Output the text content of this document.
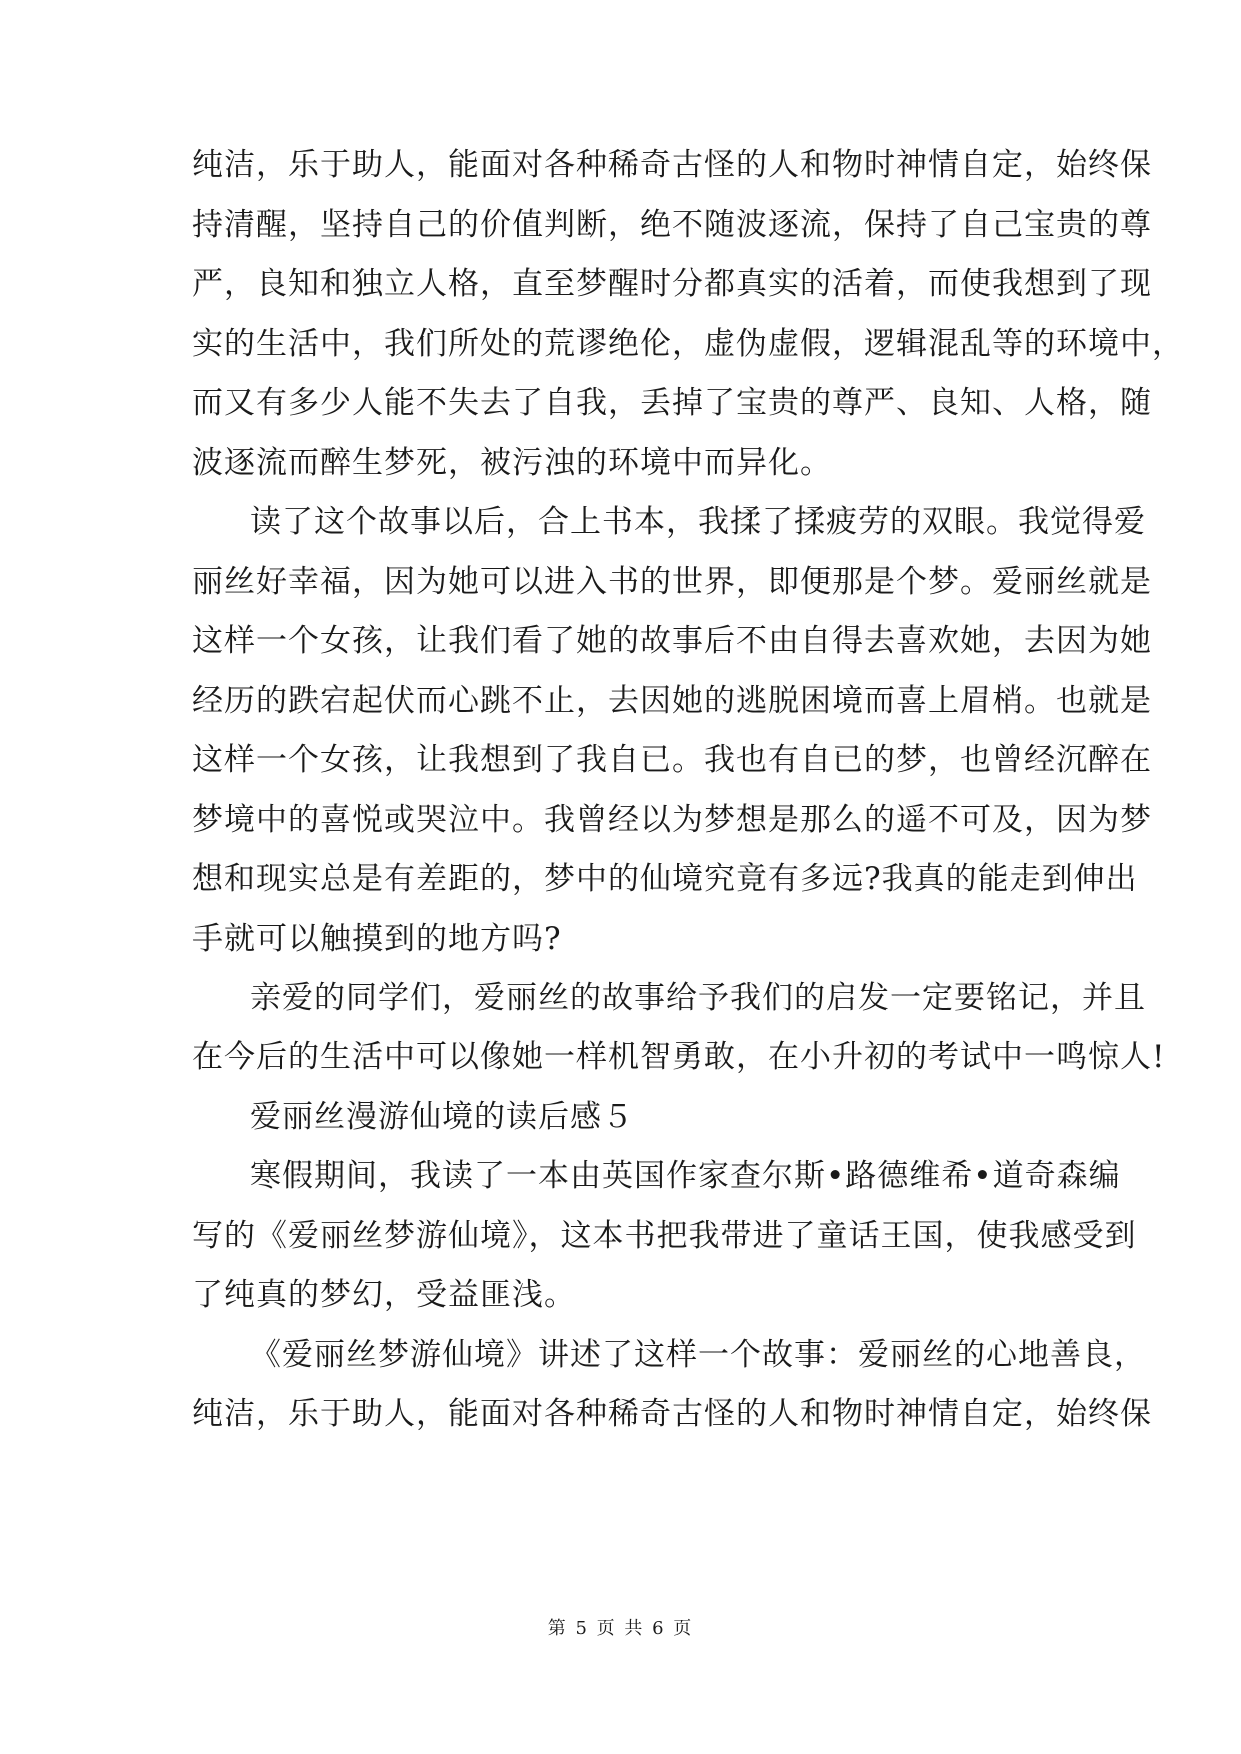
纯洁，乐于助人，能面对各种稀奇古怪的人和物时神情自定，始终保
持清醒，坚持自己的价值判断，绝不随波逐流，保持了自己宝贵的尊
严，良知和独立人格，直至梦醒时分都真实的活着，而使我想到了现
实的生活中，我们所处的荒谬绝伦，虚伪虚假，逻辑混乱等的环境中，
而又有多少人能不失去了自我，丢掉了宝贵的尊严、良知、人格，随
波逐流而醉生梦死，被污浊的环境中而异化。
读了这个故事以后，合上书本，我揉了揉疲劳的双眼。我觉得爱
丽丝好幸福，因为她可以进入书的世界，即便那是个梦。爱丽丝就是
这样一个女孩，让我们看了她的故事后不由自得去喜欢她，去因为她
经历的跌宕起伏而心跳不止，去因她的逃脱困境而喜上眉梢。也就是
这样一个女孩，让我想到了我自已。我也有自已的梦，也曾经沉醉在
梦境中的喜悦或哭泣中。我曾经以为梦想是那么的遥不可及，因为梦
想和现实总是有差距的，梦中的仙境究竟有多远?我真的能走到伸出
手就可以触摸到的地方吗?
亲爱的同学们，爱丽丝的故事给予我们的启发一定要铭记，并且
在今后的生活中可以像她一样机智勇敢，在小升初的考试中一鸣惊人!
爱丽丝漫游仙境的读后感５
寒假期间，我读了一本由英国作家查尔斯•路德维希•道奇森编
写的《爱丽丝梦游仙境》，这本书把我带进了童话王国，使我感受到
了纯真的梦幻，受益匪浅。
《爱丽丝梦游仙境》讲述了这样一个故事：爱丽丝的心地善良，
纯洁，乐于助人，能面对各种稀奇古怪的人和物时神情自定，始终保
第 5 页 共 6 页
